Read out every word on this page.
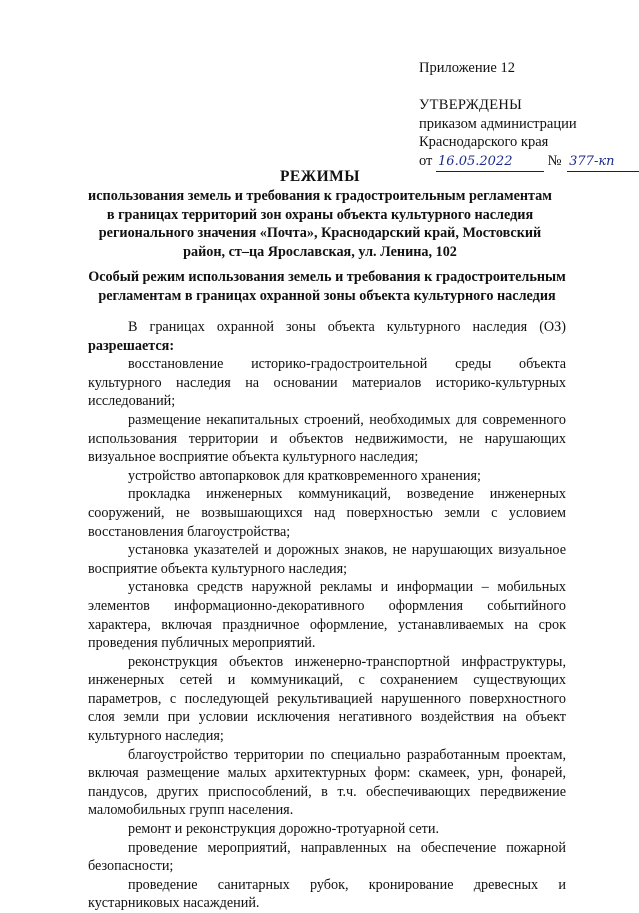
Приложение 12
УТВЕРЖДЕНЫ
приказом администрации
Краснодарского края
от 16.05.2022 № 377-кп
РЕЖИМЫ
использования земель и требования к градостроительным регламентам в границах территорий зон охраны объекта культурного наследия регионального значения «Почта», Краснодарский край, Мостовский район, ст–ца Ярославская, ул. Ленина, 102
Особый режим использования земель и требования к градостроительным регламентам в границах охранной зоны объекта культурного наследия

В границах охранной зоны объекта культурного наследия (ОЗ) разрешается:

восстановление историко-градостроительной среды объекта культурного наследия на основании материалов историко-культурных исследований;

размещение некапитальных строений, необходимых для современного использования территории и объектов недвижимости, не нарушающих визуальное восприятие объекта культурного наследия;

устройство автопарковок для кратковременного хранения;

прокладка инженерных коммуникаций, возведение инженерных сооружений, не возвышающихся над поверхностью земли с условием восстановления благоустройства;

установка указателей и дорожных знаков, не нарушающих визуальное восприятие объекта культурного наследия;

установка средств наружной рекламы и информации – мобильных элементов информационно-декоративного оформления событийного характера, включая праздничное оформление, устанавливаемых на срок проведения публичных мероприятий.

реконструкция объектов инженерно-транспортной инфраструктуры, инженерных сетей и коммуникаций, с сохранением существующих параметров, с последующей рекультивацией нарушенного поверхностного слоя земли при условии исключения негативного воздействия на объект культурного наследия;

благоустройство территории по специально разработанным проектам, включая размещение малых архитектурных форм: скамеек, урн, фонарей, пандусов, других приспособлений, в т.ч. обеспечивающих передвижение маломобильных групп населения.

ремонт и реконструкция дорожно-тротуарной сети.

проведение мероприятий, направленных на обеспечение пожарной безопасности;

проведение санитарных рубок, кронирование древесных и кустарниковых насаждений.
